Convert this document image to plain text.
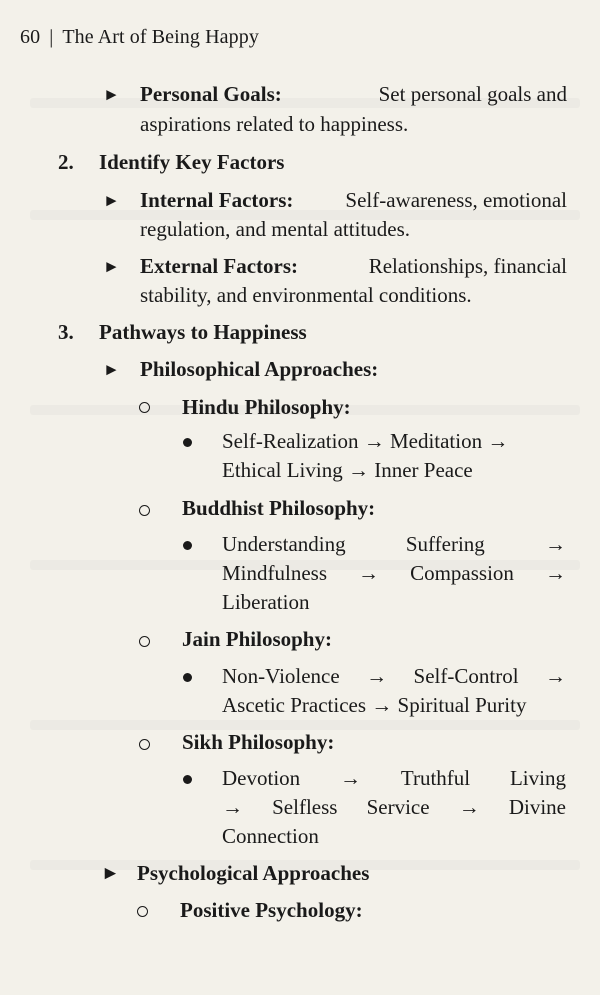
60 | The Art of Being Happy
► Personal Goals:	Set personal goals and
aspirations related to happiness.
2. Identify Key Factors
► Internal Factors: Self-awareness, emotional
regulation, and mental attitudes.
► External Factors:	Relationships, financial
stability, and environmental conditions.
3. Pathways to Happiness
► Philosophical Approaches:
Hindu Philosophy:
Self-Realization → Meditation →
Ethical Living → Inner Peace
Buddhist Philosophy:
Understanding	Suffering	→
Mindfulness → Compassion →
Liberation
Jain Philosophy:
Non-Violence → Self-Control →
Ascetic Practices → Spiritual Purity
Sikh Philosophy:
Devotion → Truthful Living
→ Selfless Service → Divine
Connection
► Psychological Approaches
Positive Psychology:
